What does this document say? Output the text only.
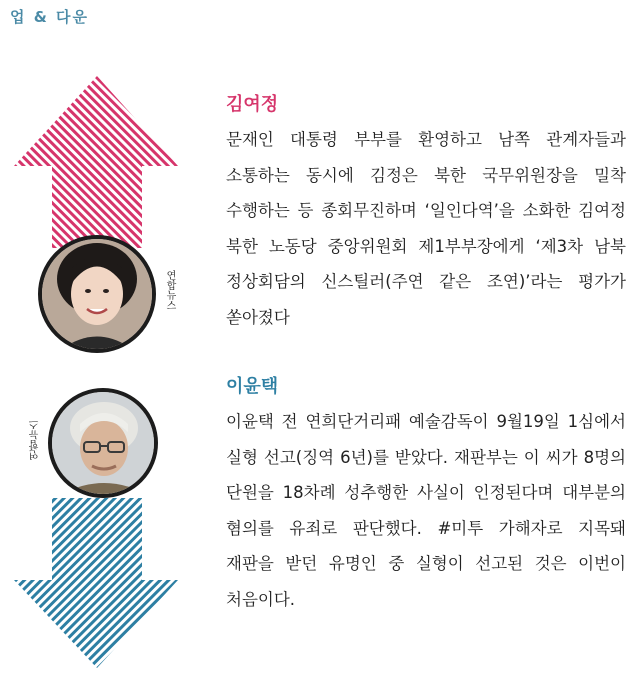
업 & 다운
연합뉴스
연합뉴스

김여정

문재인 대통령 부부를 환영하고 남쪽 관계자들과 소통하는 동시에 김정은 북한 국무위원장을 밀착 수행하는 등 종회무진하며 ‘일인다역’을 소화한 김여정 북한 노동당 중앙위원회 제1부부장에게 ‘제3차 남북 정상회담의 신스틸러(주연 같은 조연)’라는 평가가 쏟아졌다

이윤택

이윤택 전 연희단거리패 예술감독이 9월19일 1심에서 실형 선고(징역 6년)를 받았다. 재판부는 이 씨가 8명의 단원을 18차례 성추행한 사실이 인정된다며 대부분의 혐의를 유죄로 판단했다. #미투 가해자로 지목돼 재판을 받던 유명인 중 실형이 선고된 것은 이번이 처음이다.
